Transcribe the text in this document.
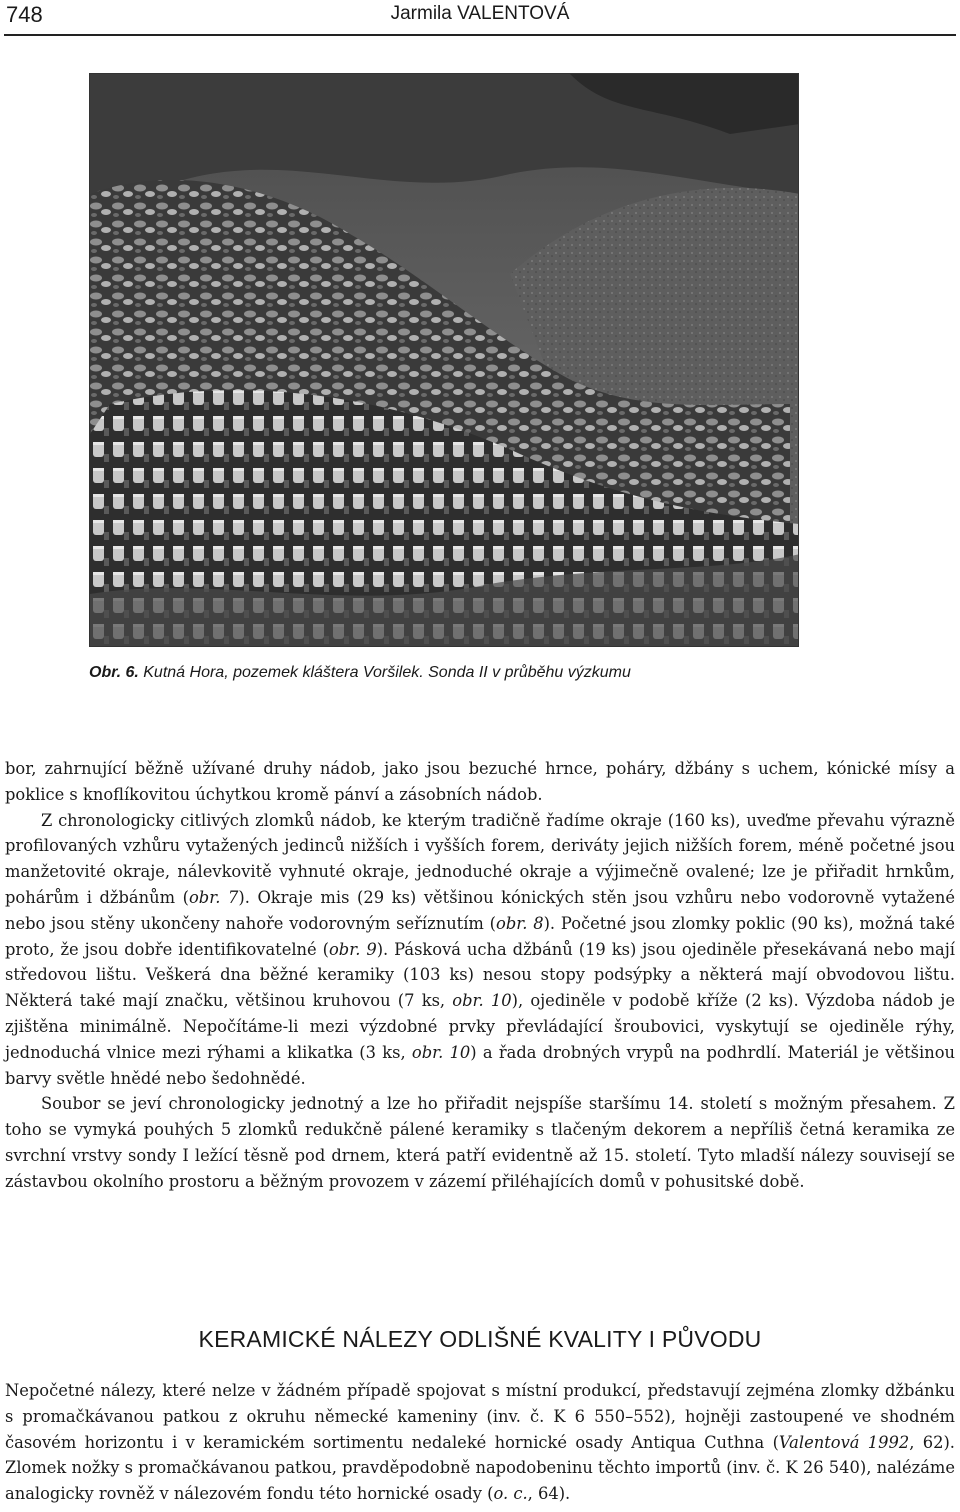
748	Jarmila VALENTOVÁ
Obr. 6. Kutná Hora, pozemek kláštera Voršilek. Sonda II v průběhu výzkumu

bor, zahrnující běžně užívané druhy nádob, jako jsou bezuché hrnce, poháry, džbány s uchem, kónické mísy a poklice s knoflíkovitou úchytkou kromě pánví a zásobních nádob.

Z chronologicky citlivých zlomků nádob, ke kterým tradičně řadíme okraje (160 ks), uveďme převahu výrazně profilovaných vzhůru vytažených jedinců nižších i vyšších forem, deriváty jejich nižších forem, méně početné jsou manžetovité okraje, nálevkovitě vyhnuté okraje, jednoduché okraje a výjimečně ovalené; lze je přiřadit hrnkům, pohárům i džbánům (obr. 7). Okraje mis (29 ks) většinou kónických stěn jsou vzhůru nebo vodorovně vytažené nebo jsou stěny ukončeny nahoře vodorovným seříznutím (obr. 8). Početné jsou zlomky poklic (90 ks), možná také proto, že jsou dobře identifikovatelné (obr. 9). Pásková ucha džbánů (19 ks) jsou ojediněle přesekávaná nebo mají středovou lištu. Veškerá dna běžné keramiky (103 ks) nesou stopy podsýpky a některá mají obvodovou lištu. Některá také mají značku, většinou kruhovou (7 ks, obr. 10), ojediněle v podobě kříže (2 ks). Výzdoba nádob je zjištěna minimálně. Nepočítáme-li mezi výzdobné prvky převládající šroubovici, vyskytují se ojediněle rýhy, jednoduchá vlnice mezi rýhami a klikatka (3 ks, obr. 10) a řada drobných vrypů na podhrdlí. Materiál je většinou barvy světle hnědé nebo šedohnědé.

Soubor se jeví chronologicky jednotný a lze ho přiřadit nejspíše staršímu 14. století s možným přesahem. Z toho se vymyká pouhých 5 zlomků redukčně pálené keramiky s tlačeným dekorem a nepříliš četná keramika ze svrchní vrstvy sondy I ležící těsně pod drnem, která patří evidentně až 15. století. Tyto mladší nálezy souvisejí se zástavbou okolního prostoru a běžným provozem v zázemí přiléhajících domů v pohusitské době.

KERAMICKÉ NÁLEZY ODLIŠNÉ KVALITY I PŮVODU

Nepočetné nálezy, které nelze v žádném případě spojovat s místní produkcí, představují zejména zlomky džbánku s promačkávanou patkou z okruhu německé kameniny (inv. č. K 6 550–552), hojněji zastoupené ve shodném časovém horizontu i v keramickém sortimentu nedaleké hornické osady Antiqua Cuthna (Valentová 1992, 62). Zlomek nožky s promačkávanou patkou, pravděpodobně napodobeninu těchto importů (inv. č. K 26 540), nalézáme analogicky rovněž v nálezovém fondu této hornické osady (o. c., 64).
